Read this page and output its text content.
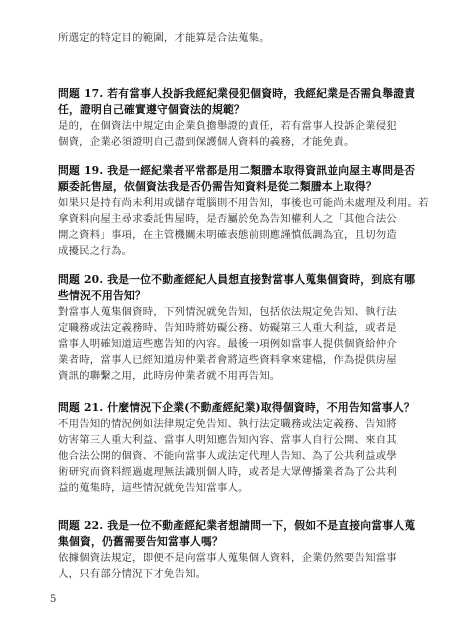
所選定的特定目的範圍，才能算是合法蒐集。
問題 17. 若有當事人投訴我經紀業侵犯個資時，我經紀業是否需負舉證責
任，證明自己確實遵守個資法的規範？
是的，在個資法中規定由企業負擔舉證的責任，若有當事人投訴企業侵犯
個資，企業必須證明自己盡到保護個人資料的義務，才能免責。
問題 19. 我是一經紀業者平常都是用二類謄本取得資訊並向屋主專問是否
願委託售屋，依個資法我是否仍需告知資料是從二類謄本上取得？
如果只是持有尚未利用或儲存電腦則不用告知，事後也可能尚未處理及利用。若
拿資料向屋主尋求委託售屋時，是否屬於免為告知權利人之「其他合法公
開之資料」事項，在主管機關未明確表態前則應謹慎低調為宜，且切勿造
成擾民之行為。
問題 20. 我是一位不動產經紀人員想直接對當事人蒐集個資時，到底有哪
些情況不用告知？
對當事人蒐集個資時，下列情況就免告知，包括依法規定免告知、執行法
定職務或法定義務時、告知時將妨礙公務、妨礙第三人重大利益，或者是
當事人明確知道這些應告知的內容。最後一項例如當事人提供個資給仲介
業者時，當事人已經知道房仲業者會將這些資料拿來建檔，作為提供房屋
資訊的聯繫之用，此時房仲業者就不用再告知。
問題 21. 什麼情況下企業(不動產經紀業)取得個資時，不用告知當事人？
不用告知的情況例如法律規定免告知、執行法定職務或法定義務、告知將
妨害第三人重大利益、當事人明知應告知內容、當事人自行公開、來自其
他合法公開的個資、不能向當事人或法定代理人告知、為了公共利益或學
術研究而資料經過處理無法識別個人時，或者是大眾傳播業者為了公共利
益的蒐集時，這些情況就免告知當事人。
問題 22. 我是一位不動產經紀業者想請問一下，假如不是直接向當事人蒐
集個資，仍舊需要告知當事人嗎？
依據個資法規定，即便不是向當事人蒐集個人資料，企業仍然要告知當事
人，只有部分情況下才免告知。
5
